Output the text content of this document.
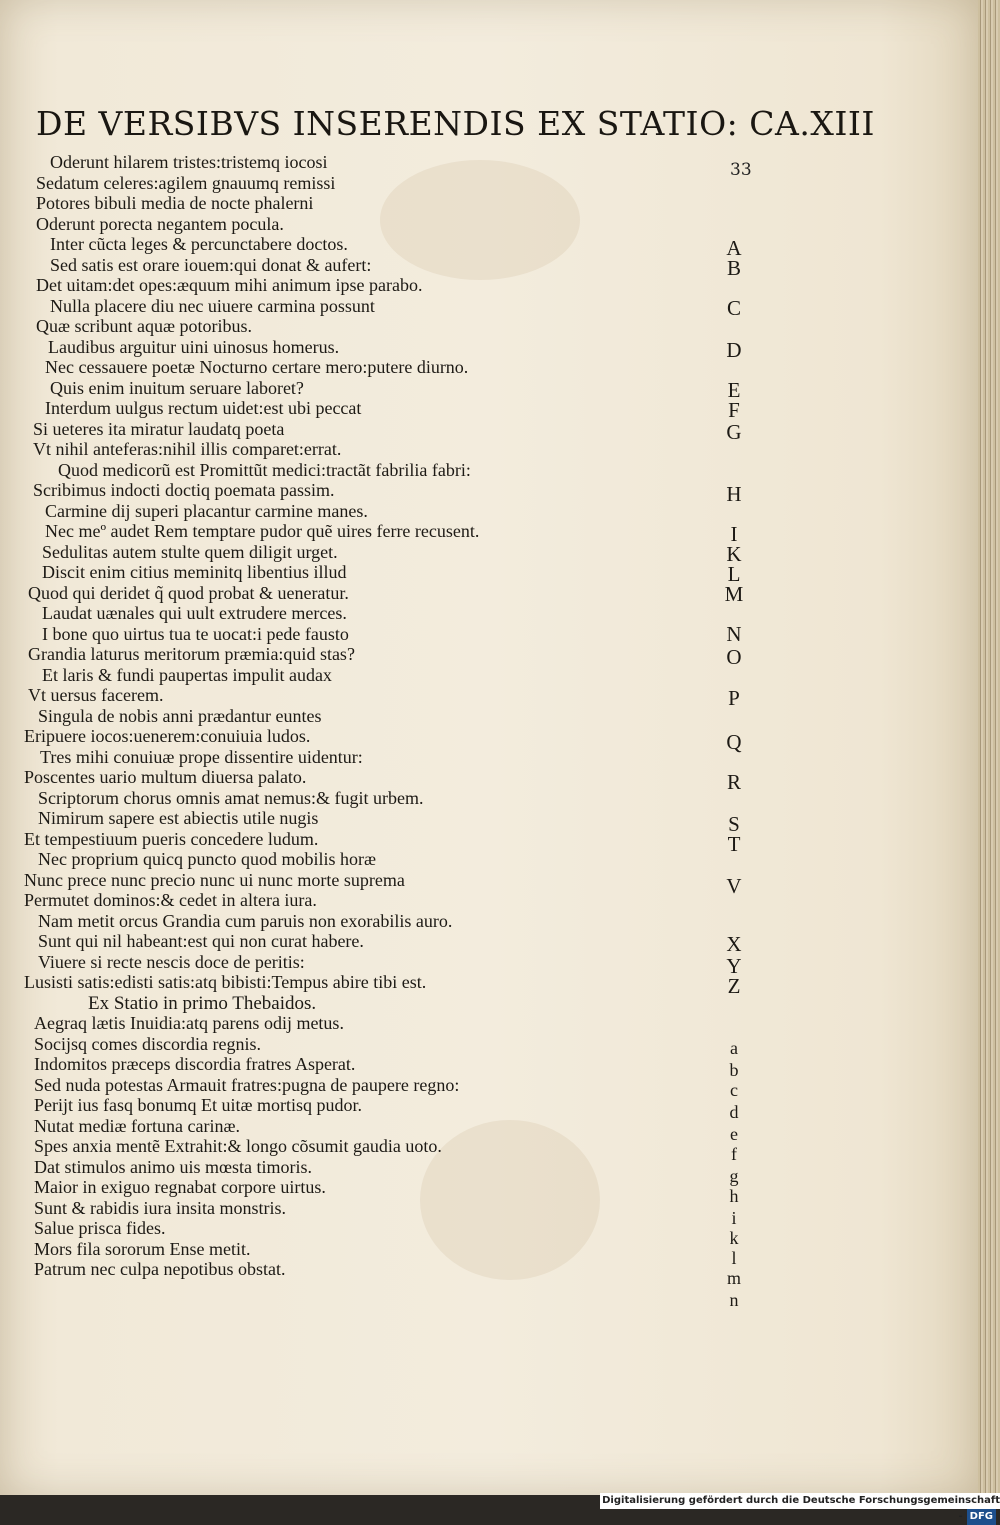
DE VERSIBVS INSERENDIS EX STATIO: CA.XIII
33
Oderunt hilarem tristes:tristemq iocosi
Sedatum celeres:agilem gnauumq remissi
Potores bibuli media de nocte phalerni
Oderunt porecta negantem pocula.
Inter cũcta leges & percunctabere doctos.
Sed satis est orare iouem:qui donat & aufert:
Det uitam:det opes:æquum mihi animum ipse parabo.
Nulla placere diu nec uiuere carmina possunt
Quæ scribunt aquæ potoribus.
Laudibus arguitur uini uinosus homerus.
Nec cessauere poetæ Nocturno certare mero:putere diurno.
Quis enim inuitum seruare laboret?
Interdum uulgus rectum uidet:est ubi peccat
Si ueteres ita miratur laudatq poeta
Vt nihil anteferas:nihil illis comparet:errat.
Quod medicorũ est Promittũt medici:tractãt fabrilia fabri:
Scribimus indocti doctiq poemata passim.
Carmine dij superi placantur carmine manes.
Nec meº audet Rem temptare pudor quẽ uires ferre recusent.
Sedulitas autem stulte quem diligit urget.
Discit enim citius meminitq libentius illud
Quod qui deridet q̃ quod probat & ueneratur.
Laudat uænales qui uult extrudere merces.
I bone quo uirtus tua te uocat:i pede fausto
Grandia laturus meritorum præmia:quid stas?
Et laris & fundi paupertas impulit audax
Vt uersus facerem.
Singula de nobis anni prædantur euntes
Eripuere iocos:uenerem:conuiuia ludos.
Tres mihi conuiuæ prope dissentire uidentur:
Poscentes uario multum diuersa palato.
Scriptorum chorus omnis amat nemus:& fugit urbem.
Nimirum sapere est abiectis utile nugis
Et tempestiuum pueris concedere ludum.
Nec proprium quicq puncto quod mobilis horæ
Nunc prece nunc precio nunc ui nunc morte suprema
Permutet dominos:& cedet in altera iura.
Nam metit orcus Grandia cum paruis non exorabilis auro.
Sunt qui nil habeant:est qui non curat habere.
Viuere si recte nescis doce de peritis:
Lusisti satis:edisti satis:atq bibisti:Tempus abire tibi est.
Ex Statio in primo Thebaidos.
Aegraq lætis Inuidia:atq parens odij metus.
Socijsq comes discordia regnis.
Indomitos præceps discordia fratres Asperat.
Sed nuda potestas Armauit fratres:pugna de paupere regno:
Perijt ius fasq bonumq Et uitæ mortisq pudor.
Nutat mediæ fortuna carinæ.
Spes anxia mentẽ Extrahit:& longo cõsumit gaudia uoto.
Dat stimulos animo uis mœsta timoris.
Maior in exiguo regnabat corpore uirtus.
Sunt & rabidis iura insita monstris.
Salue prisca fides.
Mors fila sororum Ense metit.
Patrum nec culpa nepotibus obstat.
A
B
C
D
E
F
G
H
I
K
L
M
N
O
P
Q
R
S
T
V
X
Y
Z
a
b
c
d
e
f
g
h
i
k
l
m
n
Digitalisierung gefördert durch die Deutsche Forschungsgemeinschaft - DFG
